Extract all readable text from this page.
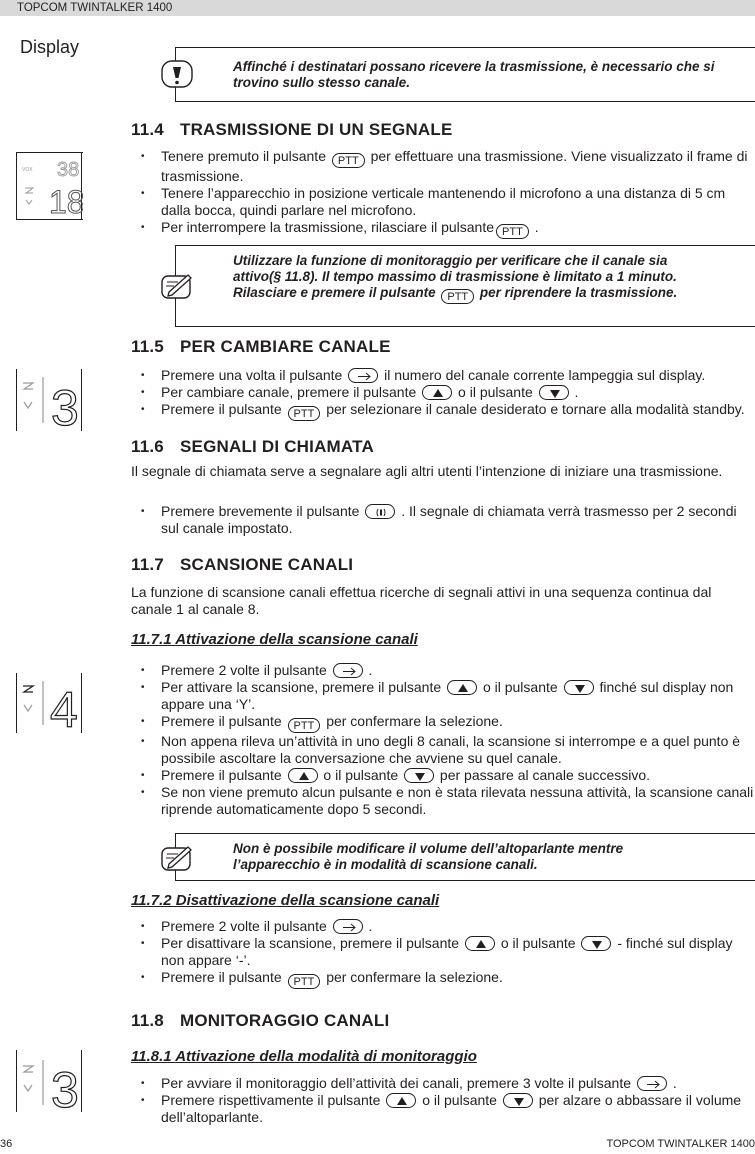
TOPCOM TWINTALKER 1400
Display
Affinché i destinatari possano ricevere la trasmissione, è necessario che si trovino sullo stesso canale.
11.4 TRASMISSIONE DI UN SEGNALE
VOX 38
18
• Tenere premuto il pulsante PTT per effettuare una trasmissione. Viene visualizzato il frame di trasmissione.
• Tenere l’apparecchio in posizione verticale mantenendo il microfono a una distanza di 5 cm dalla bocca, quindi parlare nel microfono.
• Per interrompere la trasmissione, rilasciare il pulsante PTT .
Utilizzare la funzione di monitoraggio per verificare che il canale sia attivo(§ 11.8). Il tempo massimo di trasmissione è limitato a 1 minuto. Rilasciare e premere il pulsante PTT per riprendere la trasmissione.
11.5 PER CAMBIARE CANALE
3
• Premere una volta il pulsante	il numero del canale corrente lampeggia sul display.
• Per cambiare canale, premere il pulsante	o il pulsante	.
• Premere il pulsante PTT per selezionare il canale desiderato e tornare alla modalità standby.
11.6 SEGNALI DI CHIAMATA
Il segnale di chiamata serve a segnalare agli altri utenti l’intenzione di iniziare una trasmissione.
• Premere brevemente il pulsante	. Il segnale di chiamata verrà trasmesso per 2 secondi sul canale impostato.
11.7 SCANSIONE CANALI
La funzione di scansione canali effettua ricerche di segnali attivi in una sequenza continua dal canale 1 al canale 8.
11.7.1 Attivazione della scansione canali
4
• Premere 2 volte il pulsante	.
• Per attivare la scansione, premere il pulsante	o il pulsante	finché sul display non appare una ‘Y’.
• Premere il pulsante PTT per confermare la selezione.
• Non appena rileva un’attività in uno degli 8 canali, la scansione si interrompe e a quel punto è possibile ascoltare la conversazione che avviene su quel canale.
• Premere il pulsante	o il pulsante	per passare al canale successivo.
• Se non viene premuto alcun pulsante e non è stata rilevata nessuna attività, la scansione canali riprende automaticamente dopo 5 secondi.
Non è possibile modificare il volume dell’altoparlante mentre l’apparecchio è in modalità di scansione canali.
11.7.2 Disattivazione della scansione canali
• Premere 2 volte il pulsante	.
• Per disattivare la scansione, premere il pulsante	o il pulsante	- finché sul display non appare ‘-’.
• Premere il pulsante PTT per confermare la selezione.
11.8 MONITORAGGIO CANALI
3
11.8.1 Attivazione della modalità di monitoraggio
• Per avviare il monitoraggio dell’attività dei canali, premere 3 volte il pulsante	.
• Premere rispettivamente il pulsante	o il pulsante	per alzare o abbassare il volume dell’altoparlante.
36	TOPCOM TWINTALKER 1400
